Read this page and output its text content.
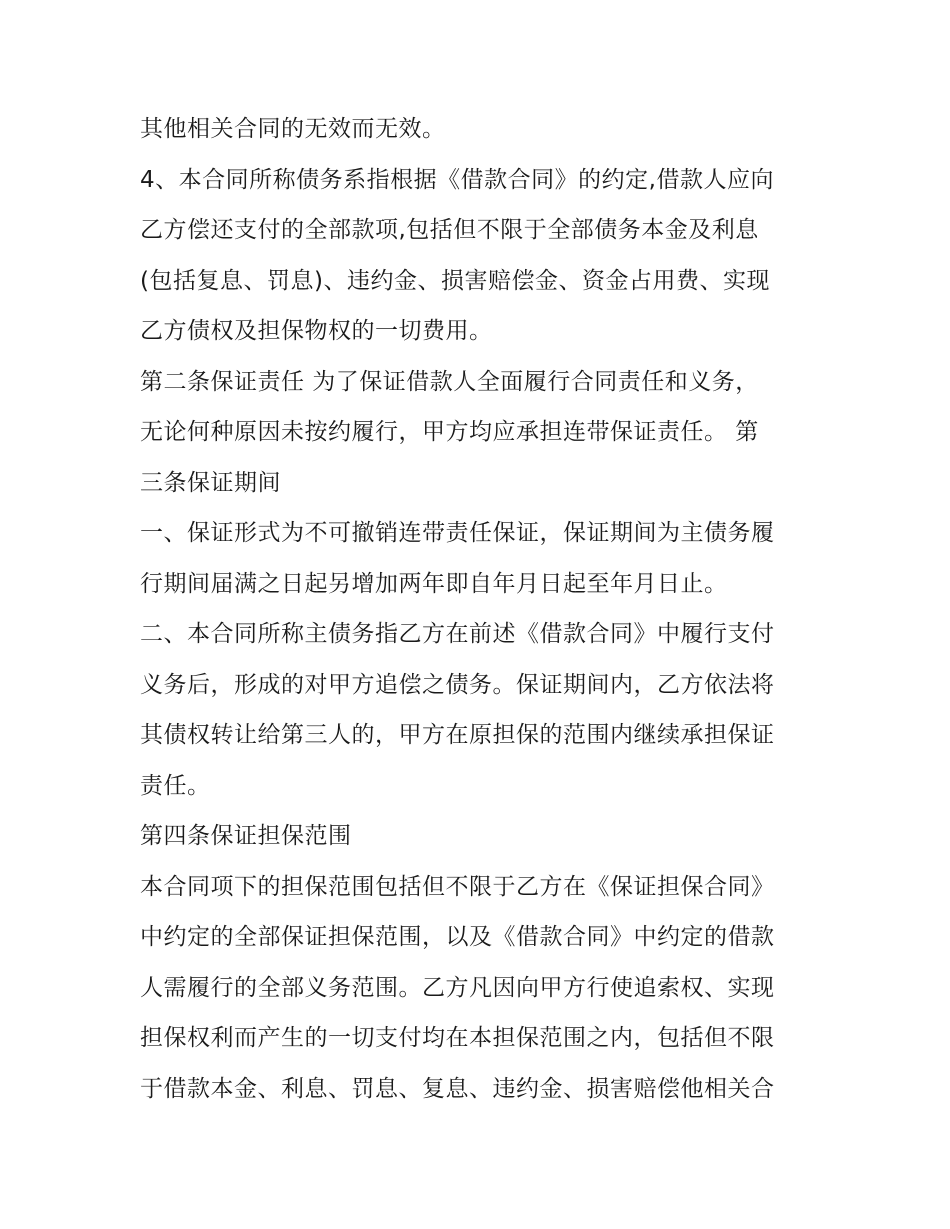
其他相关合同的无效而无效。
4、本合同所称债务系指根据《借款合同》的约定,借款人应向
乙方偿还支付的全部款项,包括但不限于全部债务本金及利息
(包括复息、罚息)、违约金、损害赔偿金、资金占用费、实现
乙方债权及担保物权的一切费用。
第二条保证责任 为了保证借款人全面履行合同责任和义务，
无论何种原因未按约履行，甲方均应承担连带保证责任。 第
三条保证期间
一、保证形式为不可撤销连带责任保证，保证期间为主债务履
行期间届满之日起另增加两年即自年月日起至年月日止。
二、本合同所称主债务指乙方在前述《借款合同》中履行支付
义务后，形成的对甲方追偿之债务。保证期间内，乙方依法将
其债权转让给第三人的，甲方在原担保的范围内继续承担保证
责任。
第四条保证担保范围
本合同项下的担保范围包括但不限于乙方在《保证担保合同》
中约定的全部保证担保范围，以及《借款合同》中约定的借款
人需履行的全部义务范围。乙方凡因向甲方行使追索权、实现
担保权利而产生的一切支付均在本担保范围之内，包括但不限
于借款本金、利息、罚息、复息、违约金、损害赔偿他相关合
